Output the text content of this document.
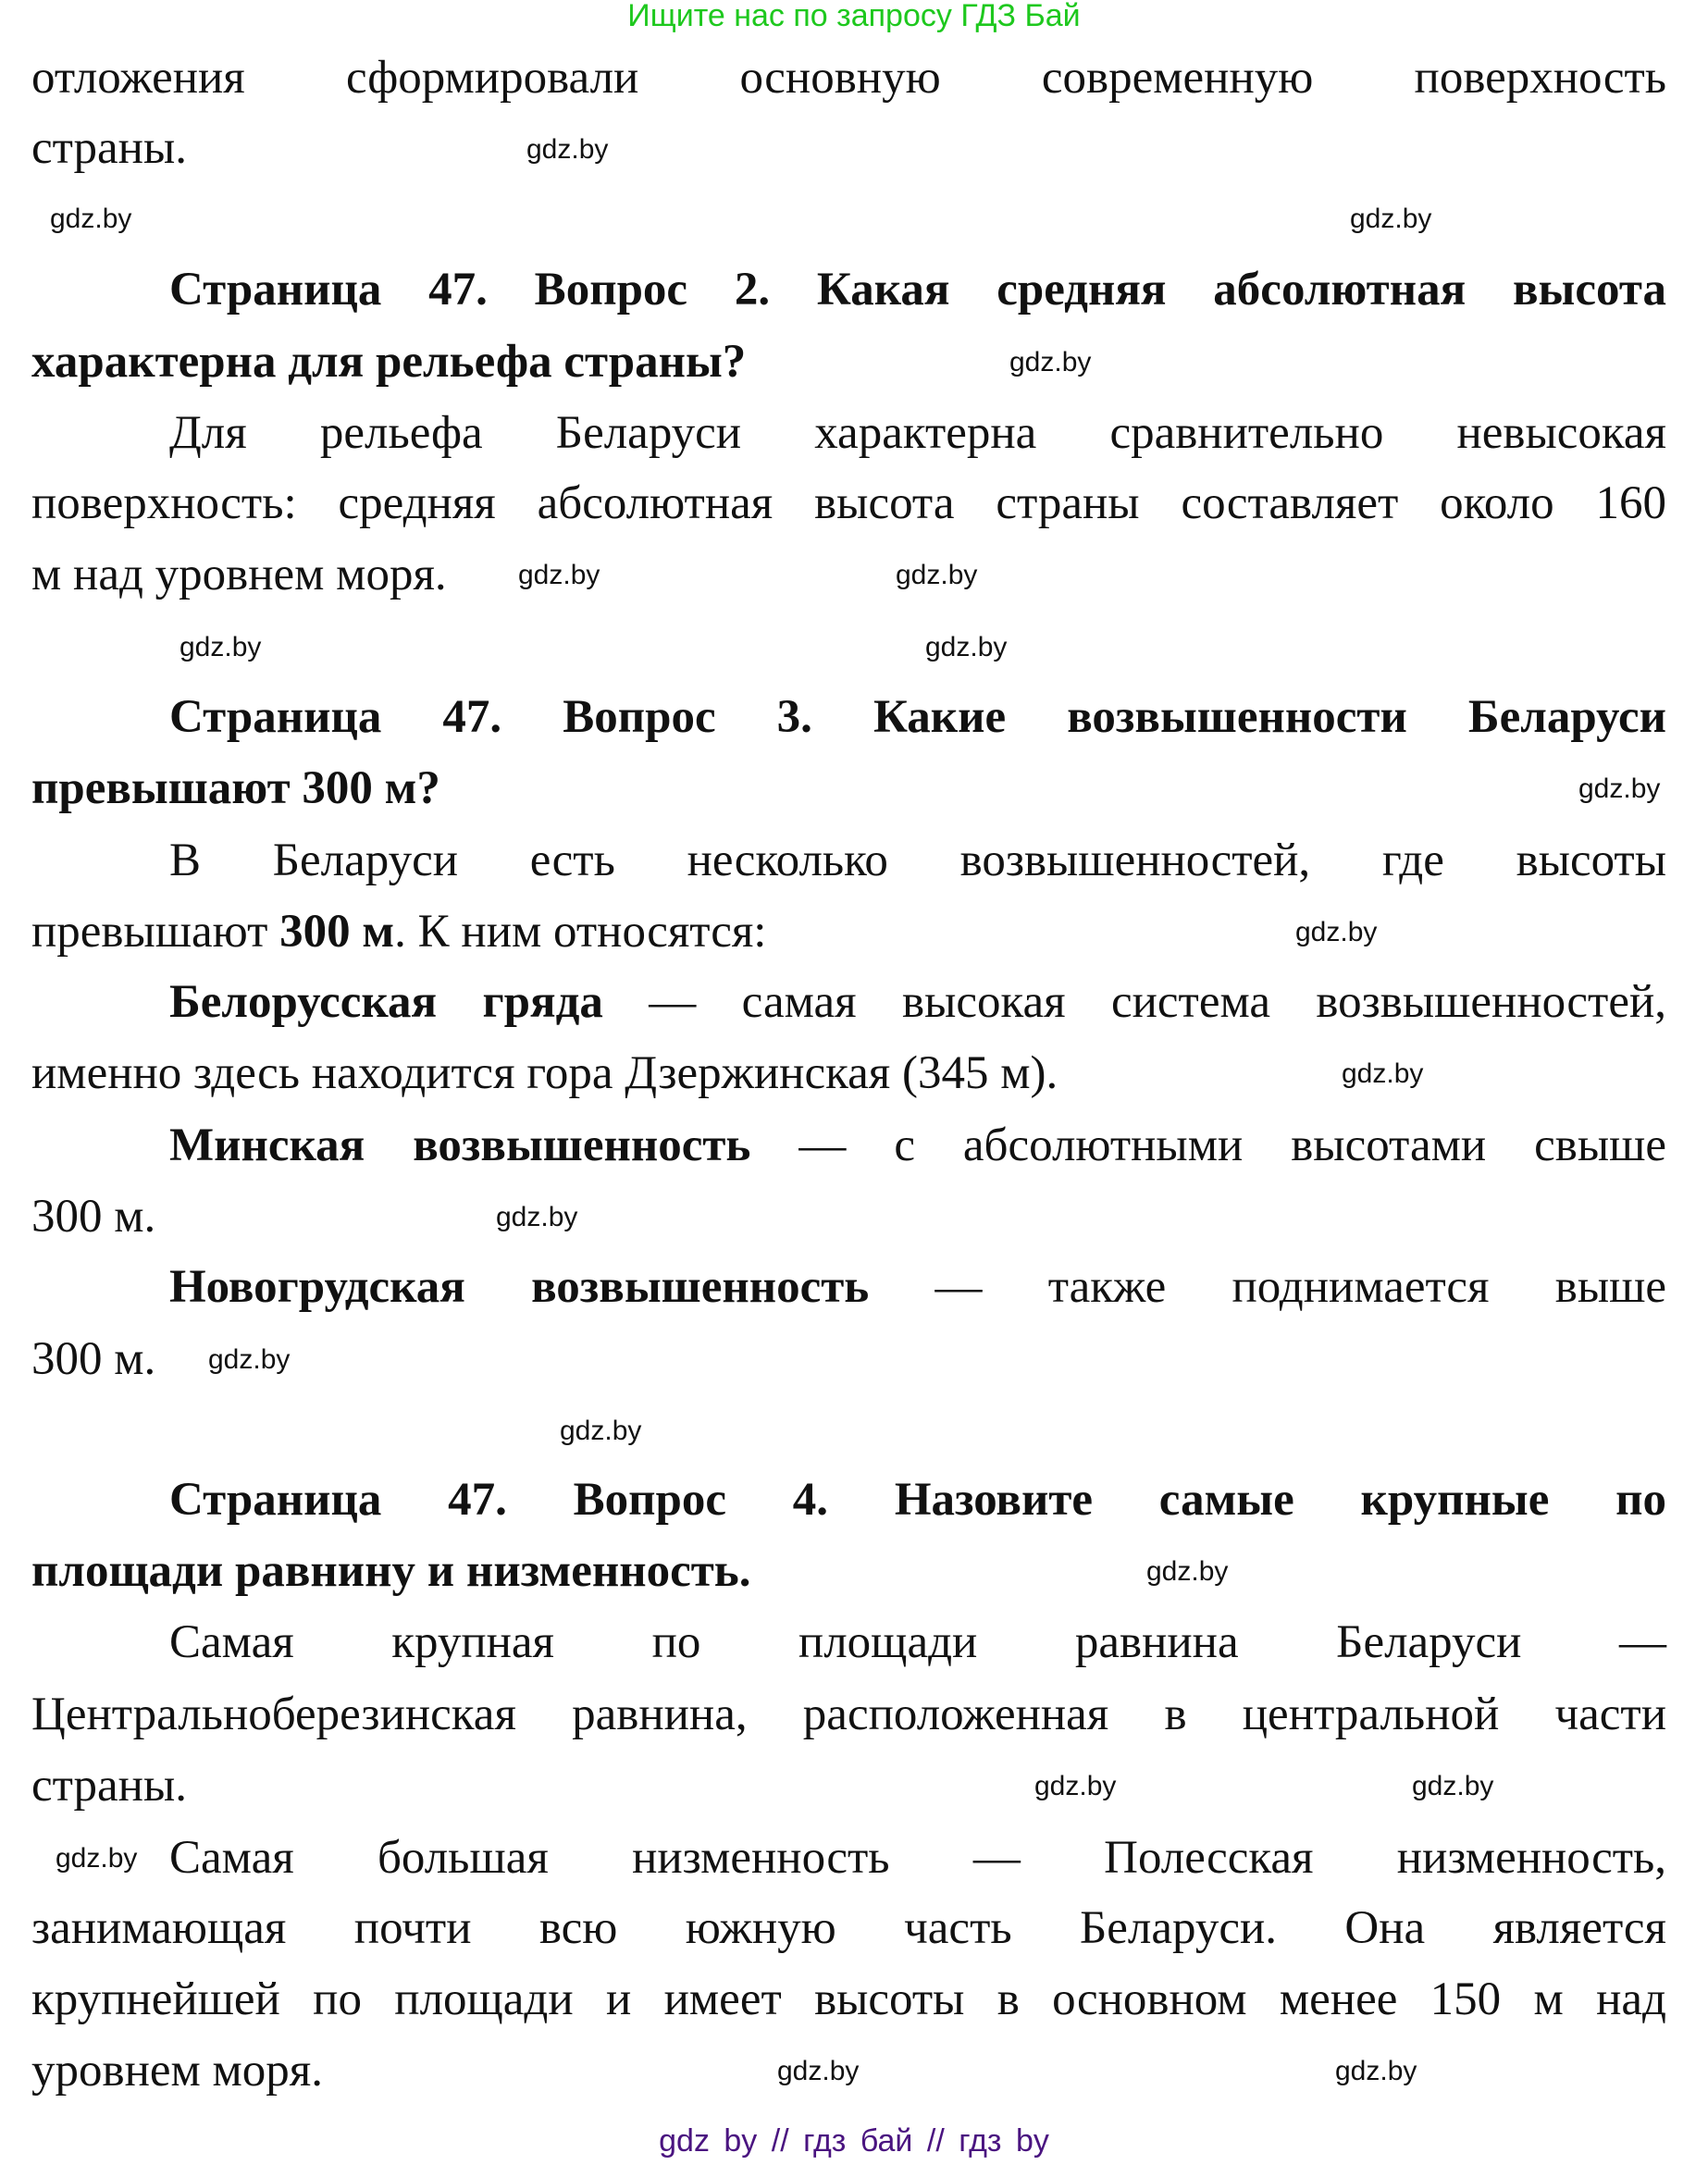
Ищите нас по запросу ГДЗ Бай
отложения сформировали основную современную поверхность
страны.
Страница 47. Вопрос 2. Какая средняя абсолютная высота
характерна для рельефа страны?
Для рельефа Беларуси характерна сравнительно невысокая
поверхность: средняя абсолютная высота страны составляет около 160
м над уровнем моря.
Страница 47. Вопрос 3. Какие возвышенности Беларуси
превышают 300 м?
В Беларуси есть несколько возвышенностей, где высоты
превышают 300 м. К ним относятся:
Белорусская гряда — самая высокая система возвышенностей,
именно здесь находится гора Дзержинская (345 м).
Минская возвышенность — с абсолютными высотами свыше
300 м.
Новогрудская возвышенность — также поднимается выше
300 м.
Страница 47. Вопрос 4. Назовите самые крупные по
площади равнину и низменность.
Самая крупная по площади равнина Беларуси —
Центральноберезинская равнина, расположенная в центральной части
страны.
Самая большая низменность — Полесская низменность,
занимающая почти всю южную часть Беларуси. Она является
крупнейшей по площади и имеет высоты в основном менее 150 м над
уровнем моря.
gdz by // гдз бай // гдз by
gdz.by
gdz.by
gdz.by
gdz.by
gdz.by	gdz.by
gdz.by
gdz.by
gdz.by
gdz.by
gdz.by
gdz.by
gdz.by
gdz.by
gdz.by
gdz.by
gdz.by
gdz.by
gdz.by
gdz.by
